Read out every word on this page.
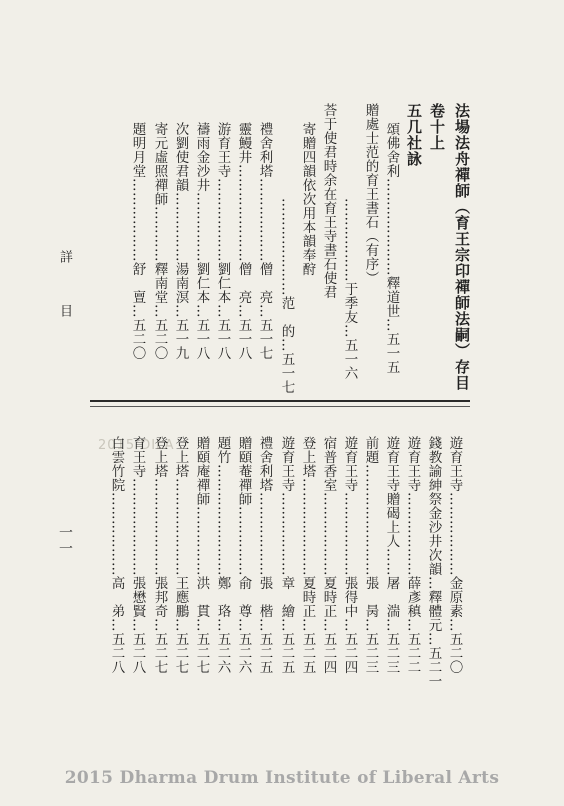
詳　目
一一
法場法舟禪師（育王宗印禪師法嗣）存目
卷十上
五几社詠
頌佛舍利…………………釋道世…五一五
贈處士范的育王書石（有序）
………………于季友…五一六
荅于使君時余在育王寺書石使君
寄贈四韻依次用本韻奉酧
…………………范　的…五一七
禮舍利塔………………僧　亮…五一七
靈鰻井…………………僧　亮…五一八
游育王寺………………劉仁本…五一八
禱雨金沙井……………劉仁本…五一八
次劉使君韻……………湯南溟…五一九
寄元虛照禪師…………釋南堂…五二〇
題明月堂………………舒　亶…五二〇
2015 DILA	遊育王寺………………金原素…五二〇
錢教諭紳祭金沙井次韻…釋體元…五二一
遊育王寺………………薛彥稹…五二二
遊育王寺贈碣上人……屠　湍…五二三
前題……………………張　昺…五二三
遊育王寺………………張得中…五二四
宿普香室………………夏時正…五二四
登上塔…………………夏時正…五二五
遊育王寺………………章　繪…五二五
禮舍利塔………………張　楷…五二五
贈頤菴禪師……………俞　尊…五二六
題竹……………………鄭　珞…五二六
贈頤庵禪師……………洪　貫…五二七
登上塔…………………王應鵬…五二七
登上塔…………………張邦奇…五二七
育王寺…………………張懋賢…五二八
白雲竹院………………高　弟…五二八
2015 Dharma Drum Institute of Liberal Arts
